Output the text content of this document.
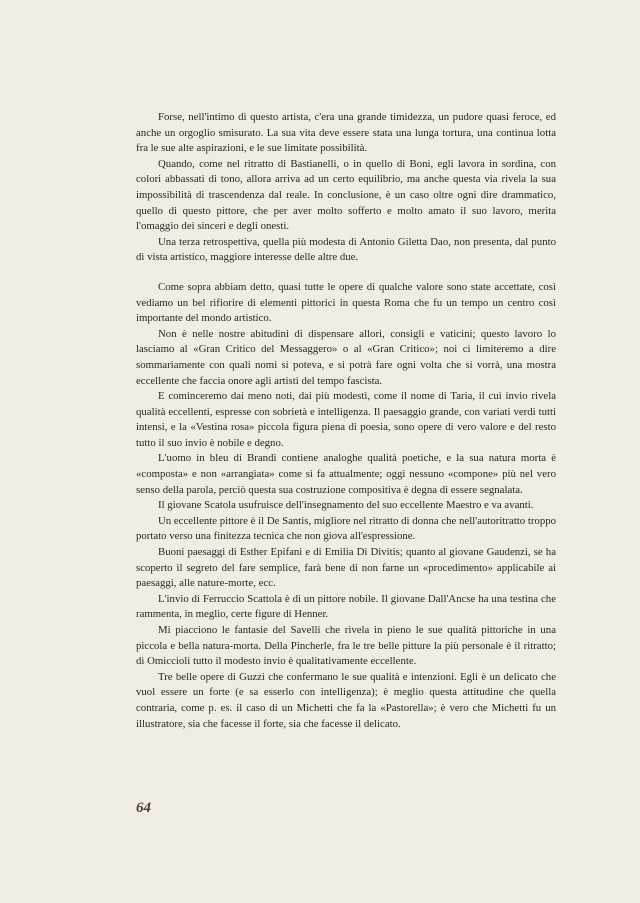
Forse, nell'intimo di questo artista, c'era una grande timidezza, un pudore quasi feroce, ed anche un orgoglio smisurato. La sua vita deve essere stata una lunga tortura, una continua lotta fra le sue alte aspirazioni, e le sue limitate possibilità.

Quando, come nel ritratto di Bastianelli, o in quello di Boni, egli lavora in sordina, con colori abbassati di tono, allora arriva ad un certo equilibrio, ma anche questa via rivela la sua impossibilità di trascendenza dal reale. In conclusione, è un caso oltre ogni dire drammatico, quello di questo pittore, che per aver molto sofferto e molto amato il suo lavoro, merita l'omaggio dei sinceri e degli onesti.

Una terza retrospettiva, quella più modesta di Antonio Giletta Dao, non presenta, dal punto di vista artistico, maggiore interesse delle altre due.

Come sopra abbiam detto, quasi tutte le opere di qualche valore sono state accettate, così vediamo un bel rifiorire di elementi pittorici in questa Roma che fu un tempo un centro così importante del mondo artistico.

Non è nelle nostre abitudini di dispensare allori, consigli e vaticini; questo lavoro lo lasciamo al «Gran Critico del Messaggero» o al «Gran Critico»; noi ci limiteremo a dire sommariamente con quali nomi si poteva, e si potrà fare ogni volta che si vorrà, una mostra eccellente che faccia onore agli artisti del tempo fascista.

E cominceremo dai meno noti, dai più modesti, come il nome di Taria, il cui invio rivela qualità eccellenti, espresse con sobrietà e intelligenza. Il paesaggio grande, con variati verdi tutti intensi, e la «Vestina rosa» piccola figura piena di poesia, sono opere di vero valore e del resto tutto il suo invio è nobile e degno.

L'uomo in bleu di Brandi contiene analoghe qualità poetiche, e la sua natura morta è «composta» e non «arrangiata» come si fa attualmente; oggi nessuno «compone» più nel vero senso della parola, perciò questa sua costruzione compositiva è degna di essere segnalata.

Il giovane Scatola usufruisce dell'insegnamento del suo eccellente Maestro e va avanti.

Un eccellente pittore è il De Santis, migliore nel ritratto di donna che nell'autoritratto troppo portato verso una finitezza tecnica che non giova all'espressione.

Buoni paesaggi di Esther Epifani e di Emilia Di Divitis; quanto al giovane Gaudenzi, se ha scoperto il segreto del fare semplice, farà bene di non farne un «procedimento» applicabile ai paesaggi, alle nature-morte, ecc.

L'invio di Ferruccio Scattola è di un pittore nobile. Il giovane Dall'Ancse ha una testina che rammenta, in meglio, certe figure di Henner.

Mi piacciono le fantasie del Savelli che rivela in pieno le sue qualità pittoriche in una piccola e bella natura-morta. Della Pincherle, fra le tre belle pitture la più personale è il ritratto; di Omicciolì tutto il modesto invio è qualitativamente eccellente.

Tre belle opere di Guzzi che confermano le sue qualità e intenzioni. Egli è un delicato che vuol essere un forte (e sa esserlo con intelligenza); è meglio questa attitudine che quella contraria, come p. es. il caso di un Michetti che fa la «Pastorella»; è vero che Michetti fu un illustratore, sia che facesse il forte, sia che facesse il delicato.

64
